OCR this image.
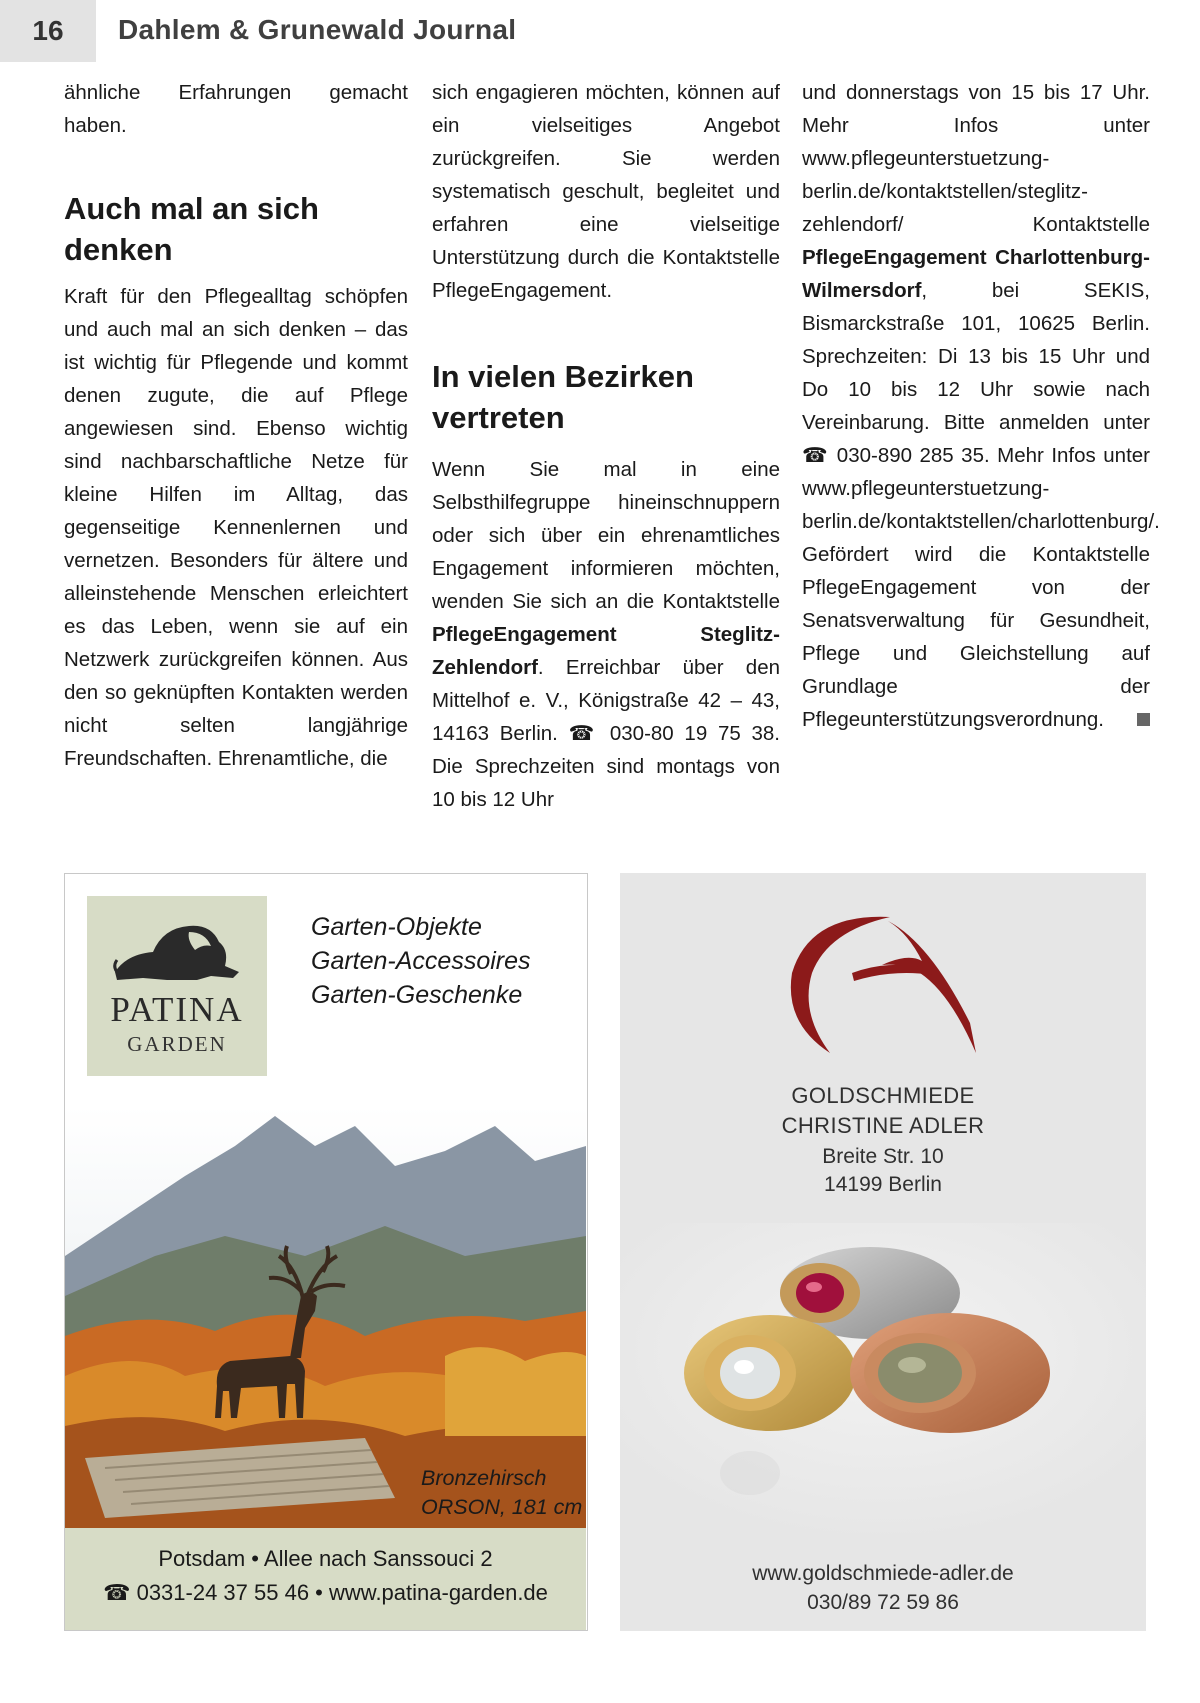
16	Dahlem & Grunewald Journal

ähnliche Erfahrungen gemacht haben.

Auch mal an sich denken

Kraft für den Pflegealltag schöpfen und auch mal an sich denken – das ist wichtig für Pflegende und kommt denen zugute, die auf Pflege angewiesen sind. Ebenso wichtig sind nachbarschaftliche Netze für kleine Hilfen im Alltag, das gegenseitige Kennenlernen und vernetzen. Besonders für ältere und alleinstehende Menschen erleichtert es das Leben, wenn sie auf ein Netzwerk zurückgreifen können. Aus den so geknüpften Kontakten werden nicht selten langjährige Freundschaften. Ehrenamtliche, die

sich engagieren möchten, können auf ein vielseitiges Angebot zurückgreifen. Sie werden systematisch geschult, begleitet und erfahren eine vielseitige Unterstützung durch die Kontaktstelle PflegeEngagement.

In vielen Bezirken vertreten

Wenn Sie mal in eine Selbsthilfegruppe hineinschnuppern oder sich über ein ehrenamtliches Engagement informieren möchten, wenden Sie sich an die Kontaktstelle PflegeEngagement Steglitz-Zehlendorf. Erreichbar über den Mittelhof e. V., Königstraße 42 – 43, 14163 Berlin. ☎ 030-80 19 75 38. Die Sprechzeiten sind montags von 10 bis 12 Uhr

und donnerstags von 15 bis 17 Uhr. Mehr Infos unter www.pflegeunterstuetzung-berlin.de/kontaktstellen/steglitz-zehlendorf/ Kontaktstelle PflegeEngagement Charlottenburg-Wilmersdorf, bei SEKIS, Bismarckstraße 101, 10625 Berlin. Sprechzeiten: Di 13 bis 15 Uhr und Do 10 bis 12 Uhr sowie nach Vereinbarung. Bitte anmelden unter ☎ 030-890 285 35. Mehr Infos unter www.pflegeunterstuetzung-berlin.de/kontaktstellen/charlottenburg/.

Gefördert wird die Kontaktstelle PflegeEngagement von der Senatsverwaltung für Gesundheit, Pflege und Gleichstellung auf Grundlage der Pflegeunterstützungsverordnung.

PATINA
GARDEN
Garten-Objekte
Garten-Accessoires
Garten-Geschenke
Bronzehirsch
ORSON, 181 cm
Potsdam • Allee nach Sanssouci 2
☎ 0331-24 37 55 46 • www.patina-garden.de
GOLDSCHMIEDE
CHRISTINE ADLER
Breite Str. 10
14199 Berlin
www.goldschmiede-adler.de
030/89 72 59 86
